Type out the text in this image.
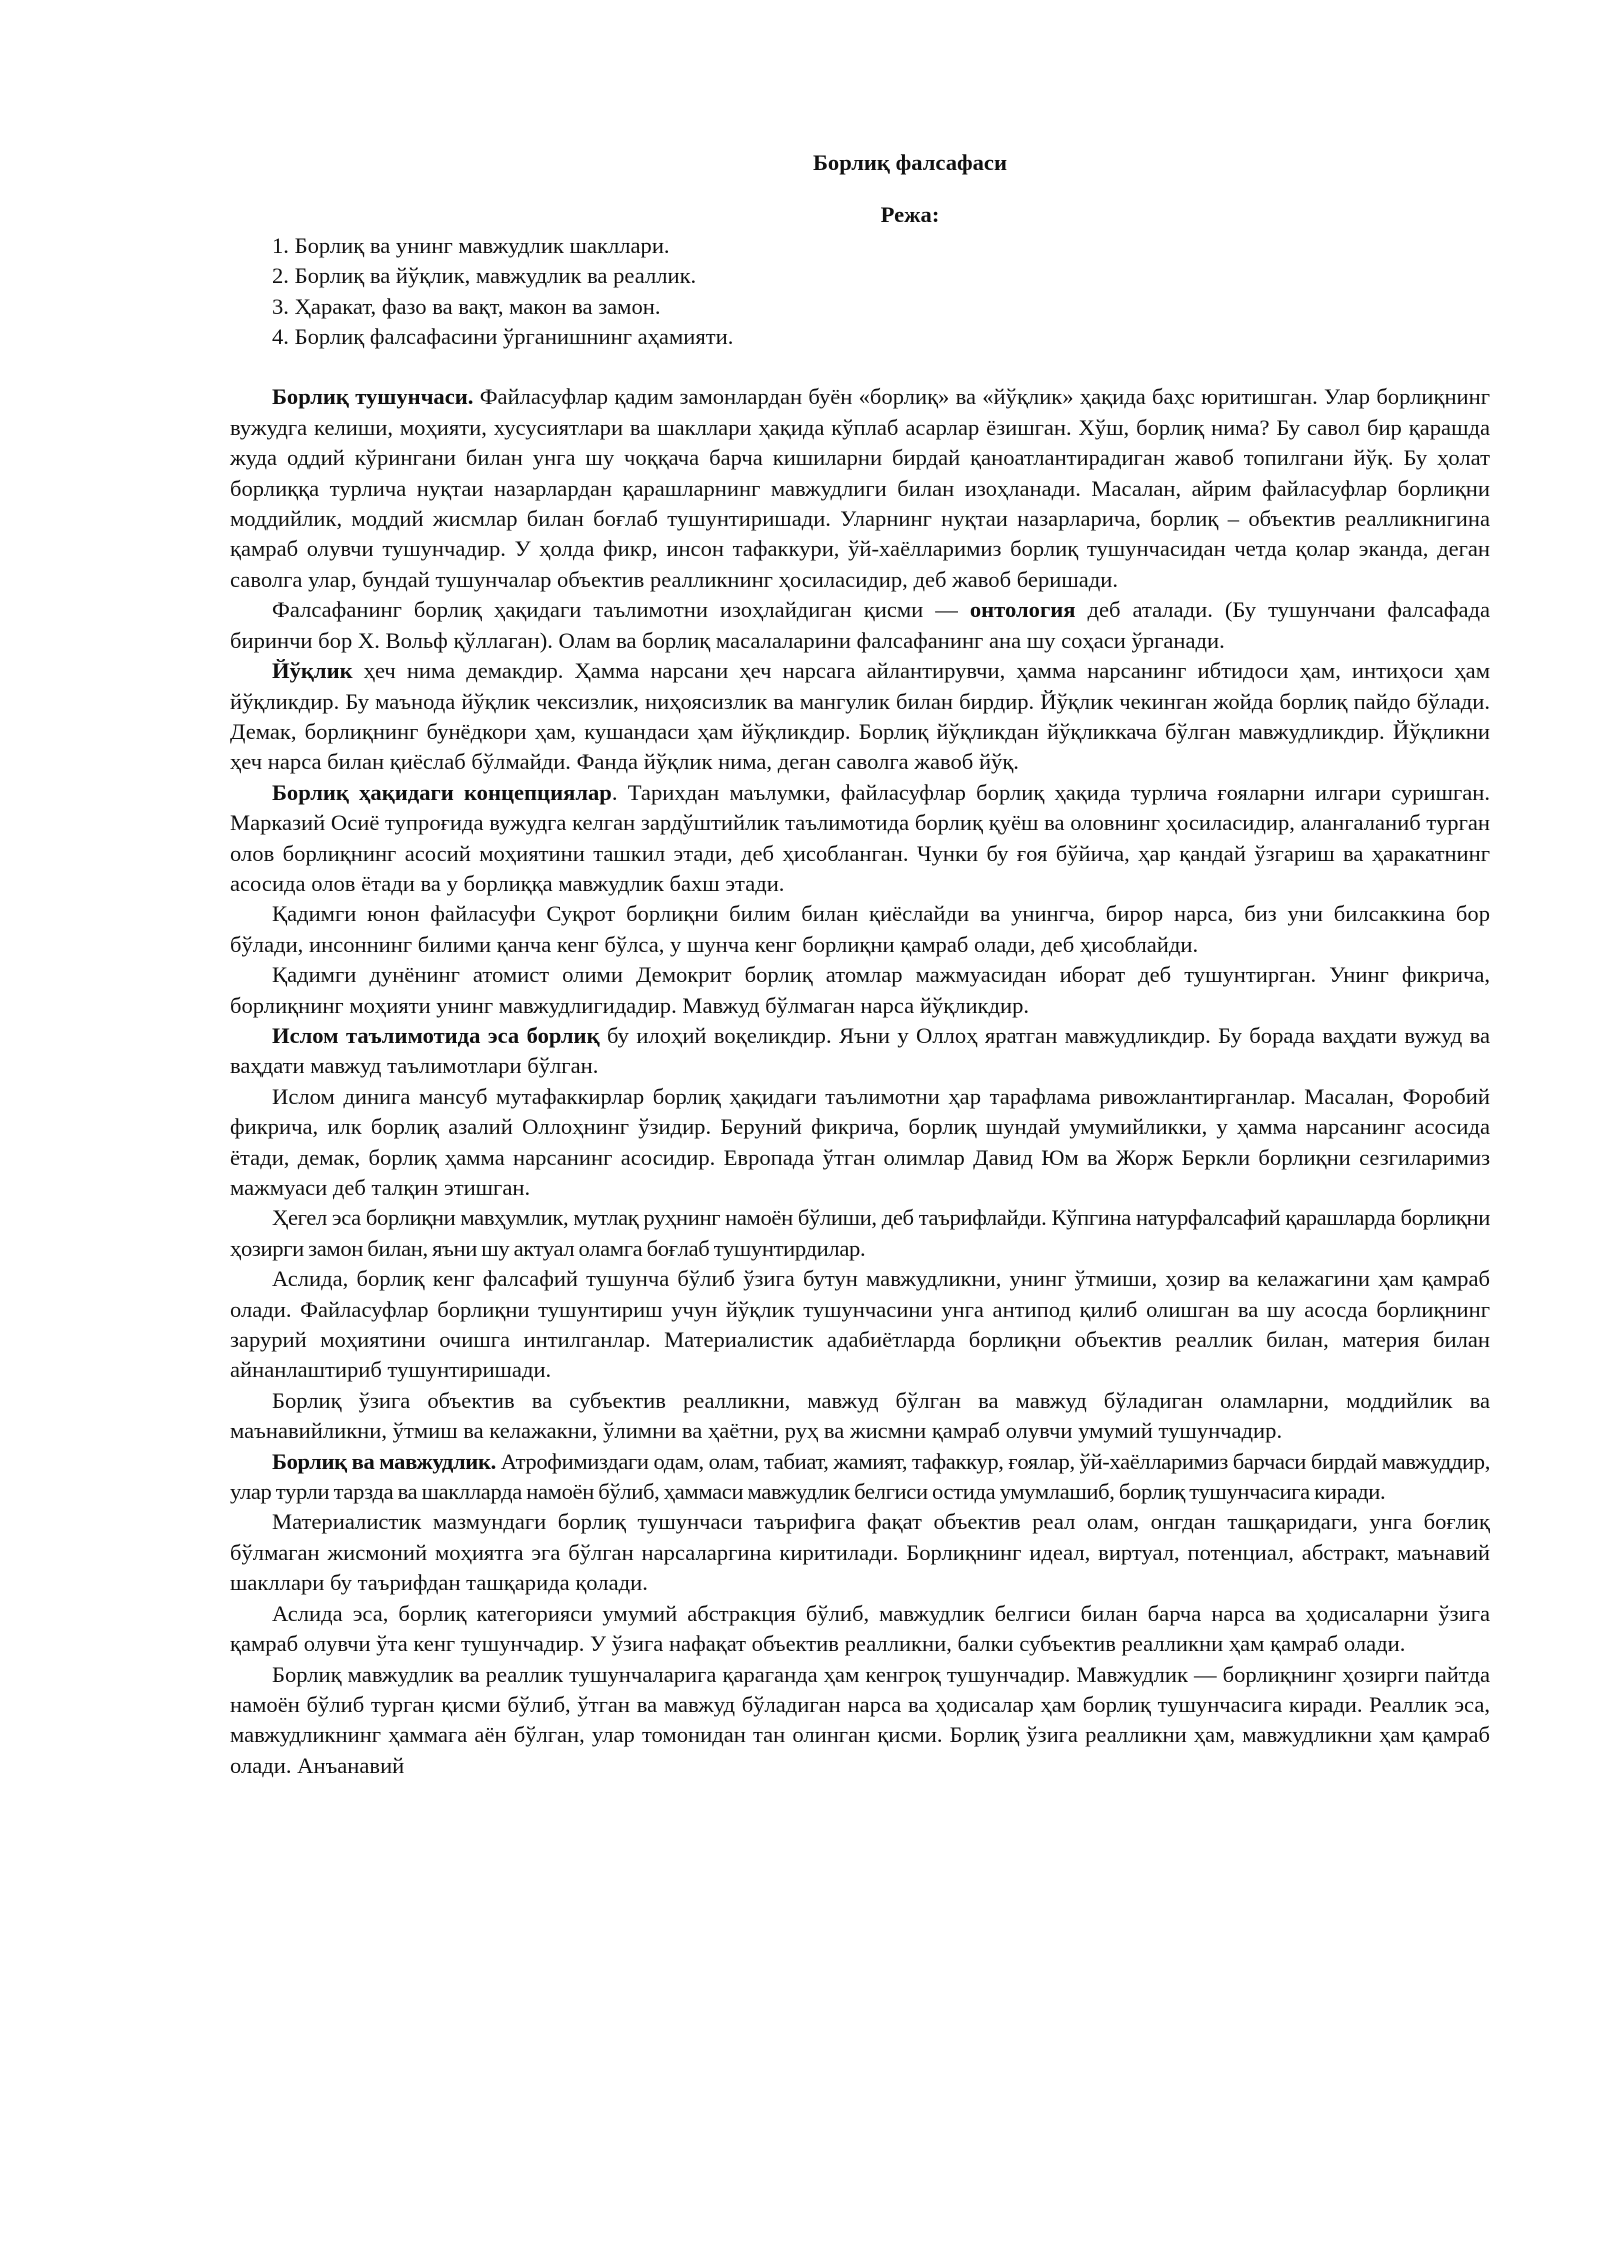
Борлиқ фалсафаси

Режа:

1. Борлиқ ва унинг мавжудлик шакллари.
2. Борлиқ ва йўқлик, мавжудлик ва реаллик.
3. Ҳаракат, фазо ва вақт, макон ва замон.
4. Борлиқ фалсафасини ўрганишнинг аҳамияти.

Борлиқ тушунчаси. Файласуфлар қадим замонлардан буён «борлиқ» ва «йўқлик» ҳақида баҳс юритишган. Улар борлиқнинг вужудга келиши, моҳияти, хусусиятлари ва шакллари ҳақида кўплаб асарлар ёзишган. Хўш, борлиқ нима? Бу савол бир қарашда жуда оддий кўрингани билан унга шу чоққача барча кишиларни бирдай қаноатлантирадиган жавоб топилгани йўқ. Бу ҳолат борлиққа турлича нуқтаи назарлардан қарашларнинг мавжудлиги билан изоҳланади. Масалан, айрим файласуфлар борлиқни моддийлик, моддий жисмлар билан боғлаб тушунтиришади. Уларнинг нуқтаи назарларича, борлиқ – объектив реалликнигина қамраб олувчи тушунчадир. У ҳолда фикр, инсон тафаккури, ўй-хаёлларимиз борлиқ тушунчасидан четда қолар эканда, деган саволга улар, бундай тушунчалар объектив реалликнинг ҳосиласидир, деб жавоб беришади.

Фалсафанинг борлиқ ҳақидаги таълимотни изоҳлайдиган қисми — онтология деб аталади. (Бу тушунчани фалсафада биринчи бор Х. Вольф қўллаган). Олам ва борлиқ масалаларини фалсафанинг ана шу соҳаси ўрганади.

Йўқлик ҳеч нима демакдир. Ҳамма нарсани ҳеч нарсага айлантирувчи, ҳамма нарсанинг ибтидоси ҳам, интиҳоси ҳам йўқликдир. Бу маънода йўқлик чексизлик, ниҳоясизлик ва мангулик билан бирдир. Йўқлик чекинган жойда борлиқ пайдо бўлади. Демак, борлиқнинг бунёдкори ҳам, кушандаси ҳам йўқликдир. Борлиқ йўқликдан йўқликкача бўлган мавжудликдир. Йўқликни ҳеч нарса билан қиёслаб бўлмайди. Фанда йўқлик нима, деган саволга жавоб йўқ.

Борлиқ ҳақидаги концепциялар. Тарихдан маълумки, файласуфлар борлиқ ҳақида турлича ғояларни илгари суришган. Марказий Осиё тупроғида вужудга келган зардўштийлик таълимотида борлиқ қуёш ва оловнинг ҳосиласидир, алангаланиб турган олов борлиқнинг асосий моҳиятини ташкил этади, деб ҳисобланган. Чунки бу ғоя бўйича, ҳар қандай ўзгариш ва ҳаракатнинг асосида олов ётади ва у борлиққа мавжудлик бахш этади.

Қадимги юнон файласуфи Суқрот борлиқни билим билан қиёслайди ва унингча, бирор нарса, биз уни билсаккина бор бўлади, инсоннинг билими қанча кенг бўлса, у шунча кенг борлиқни қамраб олади, деб ҳисоблайди.

Қадимги дунёнинг атомист олими Демокрит борлиқ атомлар мажмуасидан иборат деб тушунтирган. Унинг фикрича, борлиқнинг моҳияти унинг мавжудлигидадир. Мавжуд бўлмаган нарса йўқликдир.

Ислом таълимотида эса борлиқ бу илоҳий воқеликдир. Яъни у Оллоҳ яратган мавжудликдир. Бу борада ваҳдати вужуд ва ваҳдати мавжуд таълимотлари бўлган.

Ислом динига мансуб мутафаккирлар борлиқ ҳақидаги таълимотни ҳар тарафлама ривожлантирганлар. Масалан, Форобий фикрича, илк борлиқ азалий Оллоҳнинг ўзидир. Беруний фикрича, борлиқ шундай умумийликки, у ҳамма нарсанинг асосида ётади, демак, борлиқ ҳамма нарсанинг асосидир. Европада ўтган олимлар Давид Юм ва Жорж Беркли борлиқни сезгиларимиз мажмуаси деб талқин этишган.

Ҳегел эса борлиқни мавҳумлик, мутлақ руҳнинг намоён бўлиши, деб таърифлайди. Кўпгина натурфалсафий қарашларда борлиқни ҳозирги замон билан, яъни шу актуал оламга боғлаб тушунтирдилар.

Аслида, борлиқ кенг фалсафий тушунча бўлиб ўзига бутун мавжудликни, унинг ўтмиши, ҳозир ва келажагини ҳам қамраб олади. Файласуфлар борлиқни тушунтириш учун йўқлик тушунчасини унга антипод қилиб олишган ва шу асосда борлиқнинг зарурий моҳиятини очишга интилганлар. Материалистик адабиётларда борлиқни объектив реаллик билан, материя билан айнанлаштириб тушунтиришади.

Борлиқ ўзига объектив ва субъектив реалликни, мавжуд бўлган ва мавжуд бўладиган оламларни, моддийлик ва маънавийликни, ўтмиш ва келажакни, ўлимни ва ҳаётни, руҳ ва жисмни қамраб олувчи умумий тушунчадир.

Борлиқ ва мавжудлик. Атрофимиздаги одам, олам, табиат, жамият, тафаккур, ғоялар, ўй-хаёлларимиз барчаси бирдай мавжуддир, улар турли тарзда ва шаклларда намоён бўлиб, ҳаммаси мавжудлик белгиси остида умумлашиб, борлиқ тушунчасига киради.

Материалистик мазмундаги борлиқ тушунчаси таърифига фақат объектив реал олам, онгдан ташқаридаги, унга боғлиқ бўлмаган жисмоний моҳиятга эга бўлган нарсаларгина киритилади. Борлиқнинг идеал, виртуал, потенциал, абстракт, маънавий шакллари бу таърифдан ташқарида қолади.

Аслида эса, борлиқ категорияси умумий абстракция бўлиб, мавжудлик белгиси билан барча нарса ва ҳодисаларни ўзига қамраб олувчи ўта кенг тушунчадир. У ўзига нафақат объектив реалликни, балки субъектив реалликни ҳам қамраб олади.

Борлиқ мавжудлик ва реаллик тушунчаларига қараганда ҳам кенгроқ тушунчадир. Мавжудлик — борлиқнинг ҳозирги пайтда намоён бўлиб турган қисми бўлиб, ўтган ва мавжуд бўладиган нарса ва ҳодисалар ҳам борлиқ тушунчасига киради. Реаллик эса, мавжудликнинг ҳаммага аён бўлган, улар томонидан тан олинган қисми. Борлиқ ўзига реалликни ҳам, мавжудликни ҳам қамраб олади. Анъанавий
